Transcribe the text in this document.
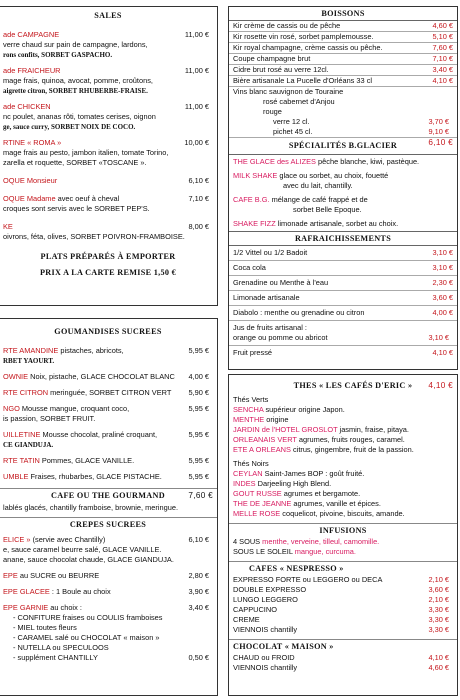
SALES
ade CAMPAGNE	11,00 €
verre chaud sur pain de campagne, lardons,
rons confits, SORBET GASPACHO.
ade FRAICHEUR	11,00 €
mage frais, quinoa, avocat, pomme, croûtons,
aigrette citron, SORBET RHUBERBE-FRAISE.
ade CHICKEN	11,00 €
nc poulet, ananas rôti, tomates cerises, oignon
ge, sauce curry, SORBET NOIX DE COCO.
RTINE « ROMA »	10,00 €
mage frais au pesto, jambon italien, tomate Torino,
zarella et roquette, SORBET «TOSCANE ».
OQUE Monsieur	6,10 €
OQUE Madame avec oeuf à cheval	7,10 €
croques sont servis avec le SORBET PEP'S.
KE	8,00 €
oivrons, féta, olives, SORBET POIVRON-FRAMBOISE.
PLATS PRÉPARÉS À EMPORTER
PRIX A LA CARTE REMISE 1,50 €
GOUMANDISES SUCREES
RTE AMANDINE pistaches, abricots,	5,95 €
RBET YAOURT.
OWNIE Noix, pistache, GLACE CHOCOLAT BLANC 4,00 €
RTE CITRON meringuée, SORBET CITRON VERT 5,90 €
NGO Mousse mangue, croquant coco,	5,95 €
is passion, SORBET FRUIT.
UILLETINE Mousse chocolat, praliné croquant,	5,95 €
CE GIANDUJA.
RTE TATIN Pommes, GLACE VANILLE.	5,95 €
UMBLE Fraises, rhubarbes, GLACE PISTACHE.	5,95 €
CAFE OU THE GOURMAND	7,60 €
lablés glacés, chantilly framboise, brownie, meringue.
CREPES SUCREES
ELICE » (servie avec Chantilly)	6,10 €
e, sauce caramel beurre salé, GLACE VANILLE.
anane, sauce chocolat chaude, GLACE GIANDUJA.
EPE au SUCRE ou BEURRE	2,80 €
EPE GLACEE : 1 Boule au choix	3,90 €
EPE GARNIE au choix :	3,40 €
- CONFITURE fraises ou COULIS framboises
- MIEL toutes fleurs
- CARAMEL salé ou CHOCOLAT « maison »
- NUTELLA ou SPECULOOS
- supplément CHANTILLY	0,50 €
BOISSONS
Kir crème de cassis ou de pêche	4,60 €
Kir rosette vin rosé, sorbet pamplemousse.	5,10 €
Kir royal champagne, crème cassis ou pêche.	7,60 €
Coupe champagne brut	7,10 €
Cidre brut rosé au verre 12cl.	3,40 €
Bière artisanale La Pucelle d'Orléans 33 cl	4,10 €
Vins blanc sauvignon de Touraine
rosé cabernet d'Anjou
rouge
verre 12 cl.	3,70 €
pichet 45 cl.	9,10 €
SPÉCIALITÉS B.GLACIER	6,10 €
THE GLACE des ALIZES pêche blanche, kiwi, pastèque.
MILK SHAKE glace ou sorbet, au choix, fouetté
avec du lait, chantilly.
CAFE B.G. mélange de café frappé et de
sorbet Belle Epoque.
SHAKE FIZZ limonade artisanale, sorbet au choix.
RAFRAICHISSEMENTS
1/2 Vittel ou 1/2 Badoit	3,10 €
Coca cola	3,10 €
Grenadine ou Menthe à l'eau	2,30 €
Limonade artisanale	3,60 €
Diabolo : menthe ou grenadine ou citron	4,00 €
Jus de fruits artisanal :
orange ou pomme ou abricot	3,10 €
Fruit pressé	4,10 €
THES « LES CAFÉS D'ERIC » 4,10 €
Thés Verts
SENCHA supérieur origine Japon.
MENTHE origine
JARDIN de l'HOTEL GROSLOT jasmin, fraise, pitaya.
ORLEANAIS VERT agrumes, fruits rouges, caramel.
ETE A ORLEANS citrus, gingembre, fruit de la passion.
Thés Noirs
CEYLAN Saint-James BOP : goût fruité.
INDES Darjeeling High Blend.
GOUT RUSSE agrumes et bergamote.
THE DE JEANNE agrumes, vanille et épices.
MELLE ROSE coquelicot, pivoine, biscuits, amande.
INFUSIONS
4 SOUS menthe, verveine, tilleul, camomille.
SOUS LE SOLEIL mangue, curcuma.
CAFES « NESPRESSO »
EXPRESSO FORTE ou LEGGERO ou DECA	2,10 €
DOUBLE EXPRESSO	3,60 €
LUNGO LEGGERO	2,10 €
CAPPUCINO	3,30 €
CREME	3,30 €
VIENNOIS chantilly	3,30 €
CHOCOLAT « MAISON »
CHAUD ou FROID	4,10 €
VIENNOIS chantilly	4,60 €
